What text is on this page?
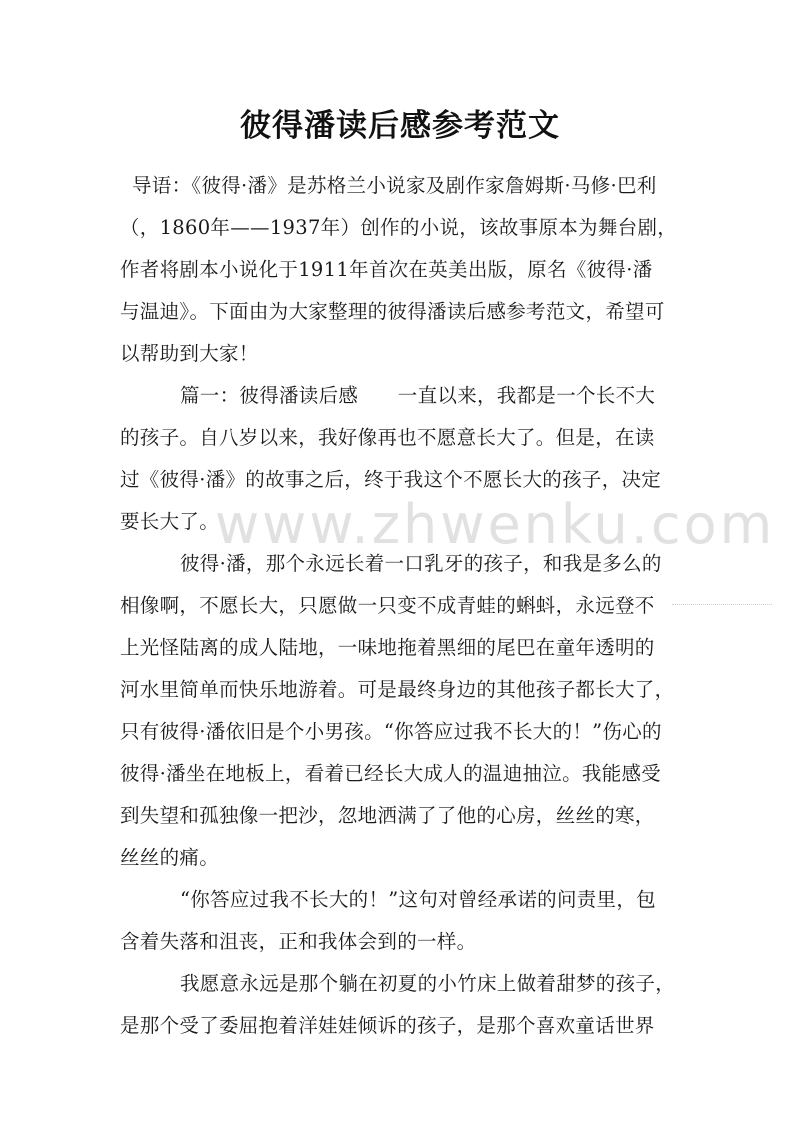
彼得潘读后感参考范文
www.zhwenku.com
导语：《彼得·潘》是苏格兰小说家及剧作家詹姆斯·马修·巴利
（，1860年——1937年）创作的小说，该故事原本为舞台剧，
作者将剧本小说化于1911年首次在英美出版，原名《彼得·潘
与温迪》。下面由为大家整理的彼得潘读后感参考范文，希望可
以帮助到大家！
篇一：彼得潘读后感　　一直以来，我都是一个长不大
的孩子。自八岁以来，我好像再也不愿意长大了。但是，在读
过《彼得·潘》的故事之后，终于我这个不愿长大的孩子，决定
要长大了。
彼得·潘，那个永远长着一口乳牙的孩子，和我是多么的
相像啊，不愿长大，只愿做一只变不成青蛙的蝌蚪，永远登不
上光怪陆离的成人陆地，一味地拖着黑细的尾巴在童年透明的
河水里简单而快乐地游着。可是最终身边的其他孩子都长大了，
只有彼得·潘依旧是个小男孩。“你答应过我不长大的！”伤心的
彼得·潘坐在地板上，看着已经长大成人的温迪抽泣。我能感受
到失望和孤独像一把沙，忽地洒满了了他的心房，丝丝的寒，
丝丝的痛。
“你答应过我不长大的！”这句对曾经承诺的问责里，包
含着失落和沮丧，正和我体会到的一样。
我愿意永远是那个躺在初夏的小竹床上做着甜梦的孩子，
是那个受了委屈抱着洋娃娃倾诉的孩子，是那个喜欢童话世界
